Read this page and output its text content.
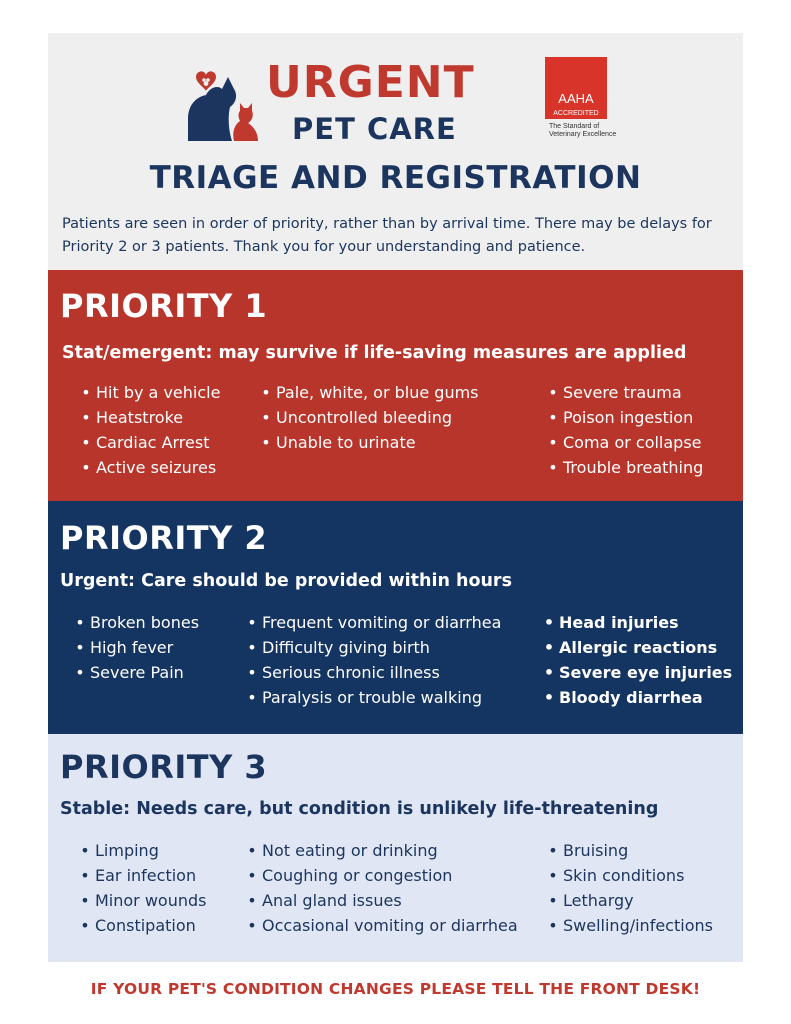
URGENT
PET CARE
AAHA
ACCREDITED
The Standard of
Veterinary Excellence
TRIAGE AND REGISTRATION
Patients are seen in order of priority, rather than by arrival time. There may be delays for Priority 2 or 3 patients. Thank you for your understanding and patience.
PRIORITY 1
Stat/emergent: may survive if life-saving measures are applied
• Hit by a vehicle
• Heatstroke
• Cardiac Arrest
• Active seizures
• Pale, white, or blue gums
• Uncontrolled bleeding
• Unable to urinate
• Severe trauma
• Poison ingestion
• Coma or collapse
• Trouble breathing
PRIORITY 2
Urgent: Care should be provided within hours
• Broken bones
• High fever
• Severe Pain
• Frequent vomiting or diarrhea
• Difficulty giving birth
• Serious chronic illness
• Paralysis or trouble walking
• Head injuries
• Allergic reactions
• Severe eye injuries
• Bloody diarrhea
PRIORITY 3
Stable: Needs care, but condition is unlikely life-threatening
• Limping
• Ear infection
• Minor wounds
• Constipation
• Not eating or drinking
• Coughing or congestion
• Anal gland issues
• Occasional vomiting or diarrhea
• Bruising
• Skin conditions
• Lethargy
• Swelling/infections
IF YOUR PET'S CONDITION CHANGES PLEASE TELL THE FRONT DESK!
